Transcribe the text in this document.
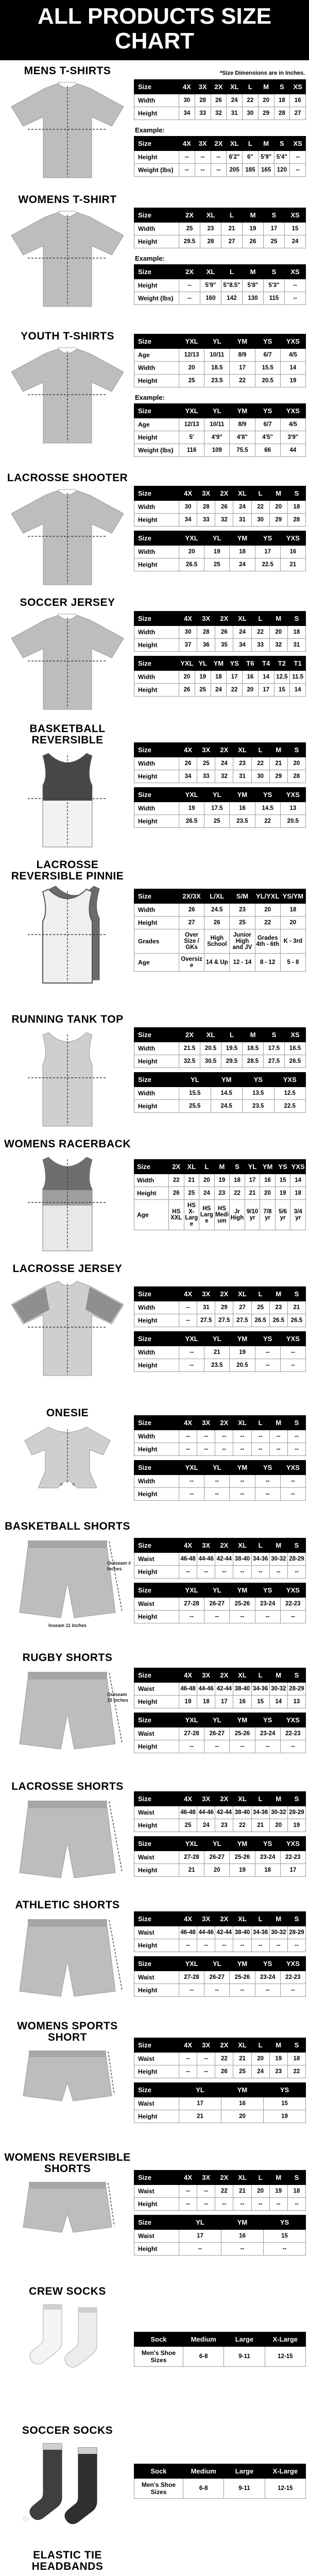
ALL PRODUCTS SIZE CHART
MENS T-SHIRTS	*Size Dimensions are in Inches.
Size	4X	3X	2X	XL	L	M	S	XS
Width	30	28	26	24	22	20	18	16
Height	34	33	32	31	30	29	28	27
Example:
Size	4X	3X	2X	XL	L	M	S	XS
Height	--	--	--	6'2"	6"	5'9"	5'4"	--
Weight (lbs)	--	--	--	205	185	165	120	--
WOMENS T-SHIRT
Size	2X	XL	L	M	S	XS
Width	25	23	21	19	17	15
Height	29.5	28	27	26	25	24
Example:
Size	2X	XL	L	M	S	XS
Height	--	5'9"	5"8.5"	5'8"	5'3"	--
Weight (lbs)	--	160	142	130	115	--
YOUTH T-SHIRTS	Size	YXL	YL	YM	YS	YXS
Age	12/13	10/11	8/9	6/7	4/5
Width	20	18.5	17	15.5	14
Height	25	23.5	22	20.5	19
Example:
Size	YXL	YL	YM	YS	YXS
Age	12/13	10/11	8/9	6/7	4/5
Height	5'	4'9"	4'8"	4'5"	3'9"
Weight (lbs)	116	109	75.5	66	44
LACROSSE SHOOTER
Size	4X	3X	2X	XL	L	M	S
Width	30	28	26	24	22	20	18
Height	34	33	32	31	30	29	28
Size	YXL	YL	YM	YS	YXS
Width	20	19	18	17	16
Height	26.5	25	24	22.5	21
SOCCER JERSEY
Size	4X	3X	2X	XL	L	M	S
Width	30	28	26	24	22	20	18
Height	37	36	35	34	33	32	31
Size	YXL	YL	YM	YS	T6	T4	T2	T1
Width	20	19	18	17	16	14	12.5	11.5
Height	26	25	24	22	20	17	15	14
BASKETBALL REVERSIBLE
Size	4X	3X	2X	XL	L	M	S
Width	26	25	24	23	22	21	20
Height	34	33	32	31	30	29	28
Size	YXL	YL	YM	YS	YXS
Width	19	17.5	16	14.5	13
Height	26.5	25	23.5	22	20.5
LACROSSE REVERSIBLE PINNIE
Size	2X/3X	L/XL	S/M	YL/YXL	YS/YM
Width	26	24.5	23	20	18
Height	27	26	25	22	20
Grades	Over Size / GKs	High School	Junior High and JV	Grades 4th - 6th	K - 3rd
Age	Oversize	14 & Up	12 - 14	8 - 12	5 - 8
RUNNING TANK TOP
Size	2X	XL	L	M	S	XS
Width	21.5	20.5	19.5	18.5	17.5	16.5
Height	32.5	30.5	29.5	28.5	27.5	26.5
Size	YL	YM	YS	YXS
Width	15.5	14.5	13.5	12.5
Height	25.5	24.5	23.5	22.5
WOMENS RACERBACK
Size	2X	XL	L	M	S	YL	YM	YS	YXS
Width	22	21	20	19	18	17	16	15	14
Height	26	25	24	23	22	21	20	19	18
Age	HS XXL	HS X-Large	HS Large	HS Medium	Jr High	9/10 yr	7/8 yr	5/6 yr	3/4 yr
LACROSSE JERSEY
Size	4X	3X	2X	XL	L	M	S
Width	--	31	29	27	25	23	21
Height	--	27.5	27.5	27.5	26.5	26.5	26.5
Size	YXL	YL	YM	YS	YXS
Width	--	21	19	--	--
Height	--	23.5	20.5	--	--
ONESIE
Size	4X	3X	2X	XL	L	M	S
Width	--	--	--	--	--	--	--
Height	--	--	--	--	--	--	--
Size	YXL	YL	YM	YS	YXS
Width	--	--	--	--	--
Height	--	--	--	--	--
BASKETBALL SHORTS
Outseam # Inches
Inseam 11 Inches
Size	4X	3X	2X	XL	L	M	S
Waist	46-48	44-46	42-44	38-40	34-36	30-32	28-29
Height	--	--	--	--	--	--	--
Size	YXL	YL	YM	YS	YXS
Waist	27-28	26-27	25-26	23-24	22-23
Height	--	--	--	--	--
RUGBY SHORTS
Outseam 15 Inches
Size	4X	3X	2X	XL	L	M	S
Waist	46-48	44-46	42-44	38-40	34-36	30-32	28-29
Height	19	18	17	16	15	14	13
Size	YXL	YL	YM	YS	YXS
Waist	27-28	26-27	25-26	23-24	22-23
Height	--	--	--	--	--
LACROSSE SHORTS
Size	4X	3X	2X	XL	L	M	S
Waist	46-48	44-46	42-44	38-40	34-36	30-32	28-29
Height	25	24	23	22	21	20	19
Size	YXL	YL	YM	YS	YXS
Waist	27-28	26-27	25-26	23-24	22-23
Height	21	20	19	18	17
ATHLETIC SHORTS
Size	4X	3X	2X	XL	L	M	S
Waist	46-48	44-46	42-44	38-40	34-36	30-32	28-29
Height	--	--	--	--	--	--	--
Size	YXL	YL	YM	YS	YXS
Waist	27-28	26-27	25-26	23-24	22-23
Height	--	--	--	--	--
WOMENS SPORTS SHORT
Size	4X	3X	2X	XL	L	M	S
Waist	--	--	22	21	20	19	18
Height	--	--	26	25	24	23	22
Size	YL	YM	YS
Waist	17	16	15
Height	21	20	19
WOMENS REVERSIBLE SHORTS
Size	4X	3X	2X	XL	L	M	S
Waist	--	--	22	21	20	19	18
Height	--	--	--	--	--	--	--
Size	YL	YM	YS
Waist	17	16	15
Height	--	--	--
CREW SOCKS
Sock	Medium	Large	X-Large
Men's Shoe Sizes	6-8	9-11	12-15
SOCCER SOCKS
Sock	Medium	Large	X-Large
Men's Shoe Sizes	6-8	9-11	12-15
ELASTIC TIE HEADBANDS
